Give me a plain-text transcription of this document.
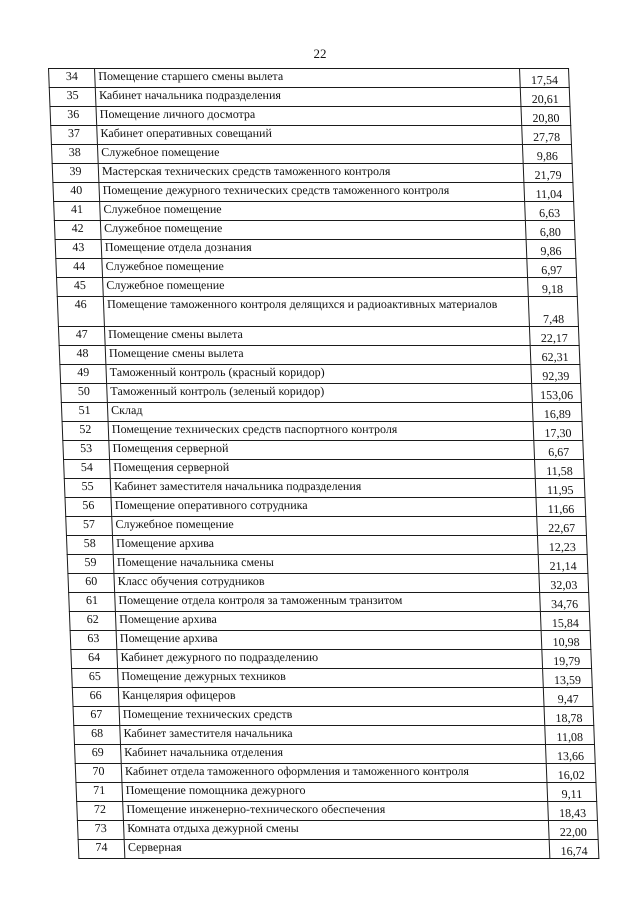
22
34	Помещение старшего смены вылета	17,54
35	Кабинет начальника подразделения	20,61
36	Помещение личного досмотра	20,80
37	Кабинет оперативных совещаний	27,78
38	Служебное помещение	9,86
39	Мастерская технических средств таможенного контроля	21,79
40	Помещение дежурного технических средств таможенного контроля	11,04
41	Служебное помещение	6,63
42	Служебное помещение	6,80
43	Помещение отдела дознания	9,86
44	Служебное помещение	6,97
45	Служебное помещение	9,18
46	Помещение таможенного контроля делящихся и радиоактивных материалов	7,48
47	Помещение смены вылета	22,17
48	Помещение смены вылета	62,31
49	Таможенный контроль (красный коридор)	92,39
50	Таможенный контроль (зеленый коридор)	153,06
51	Склад	16,89
52	Помещение технических средств паспортного контроля	17,30
53	Помещения серверной	6,67
54	Помещения серверной	11,58
55	Кабинет заместителя начальника подразделения	11,95
56	Помещение оперативного сотрудника	11,66
57	Служебное помещение	22,67
58	Помещение архива	12,23
59	Помещение начальника смены	21,14
60	Класс обучения сотрудников	32,03
61	Помещение отдела контроля за таможенным транзитом	34,76
62	Помещение архива	15,84
63	Помещение архива	10,98
64	Кабинет дежурного по подразделению	19,79
65	Помещение дежурных техников	13,59
66	Канцелярия офицеров	9,47
67	Помещение технических средств	18,78
68	Кабинет заместителя начальника	11,08
69	Кабинет начальника отделения	13,66
70	Кабинет отдела таможенного оформления и таможенного контроля	16,02
71	Помещение помощника дежурного	9,11
72	Помещение инженерно-технического обеспечения	18,43
73	Комната отдыха дежурной смены	22,00
74	Серверная	16,74
